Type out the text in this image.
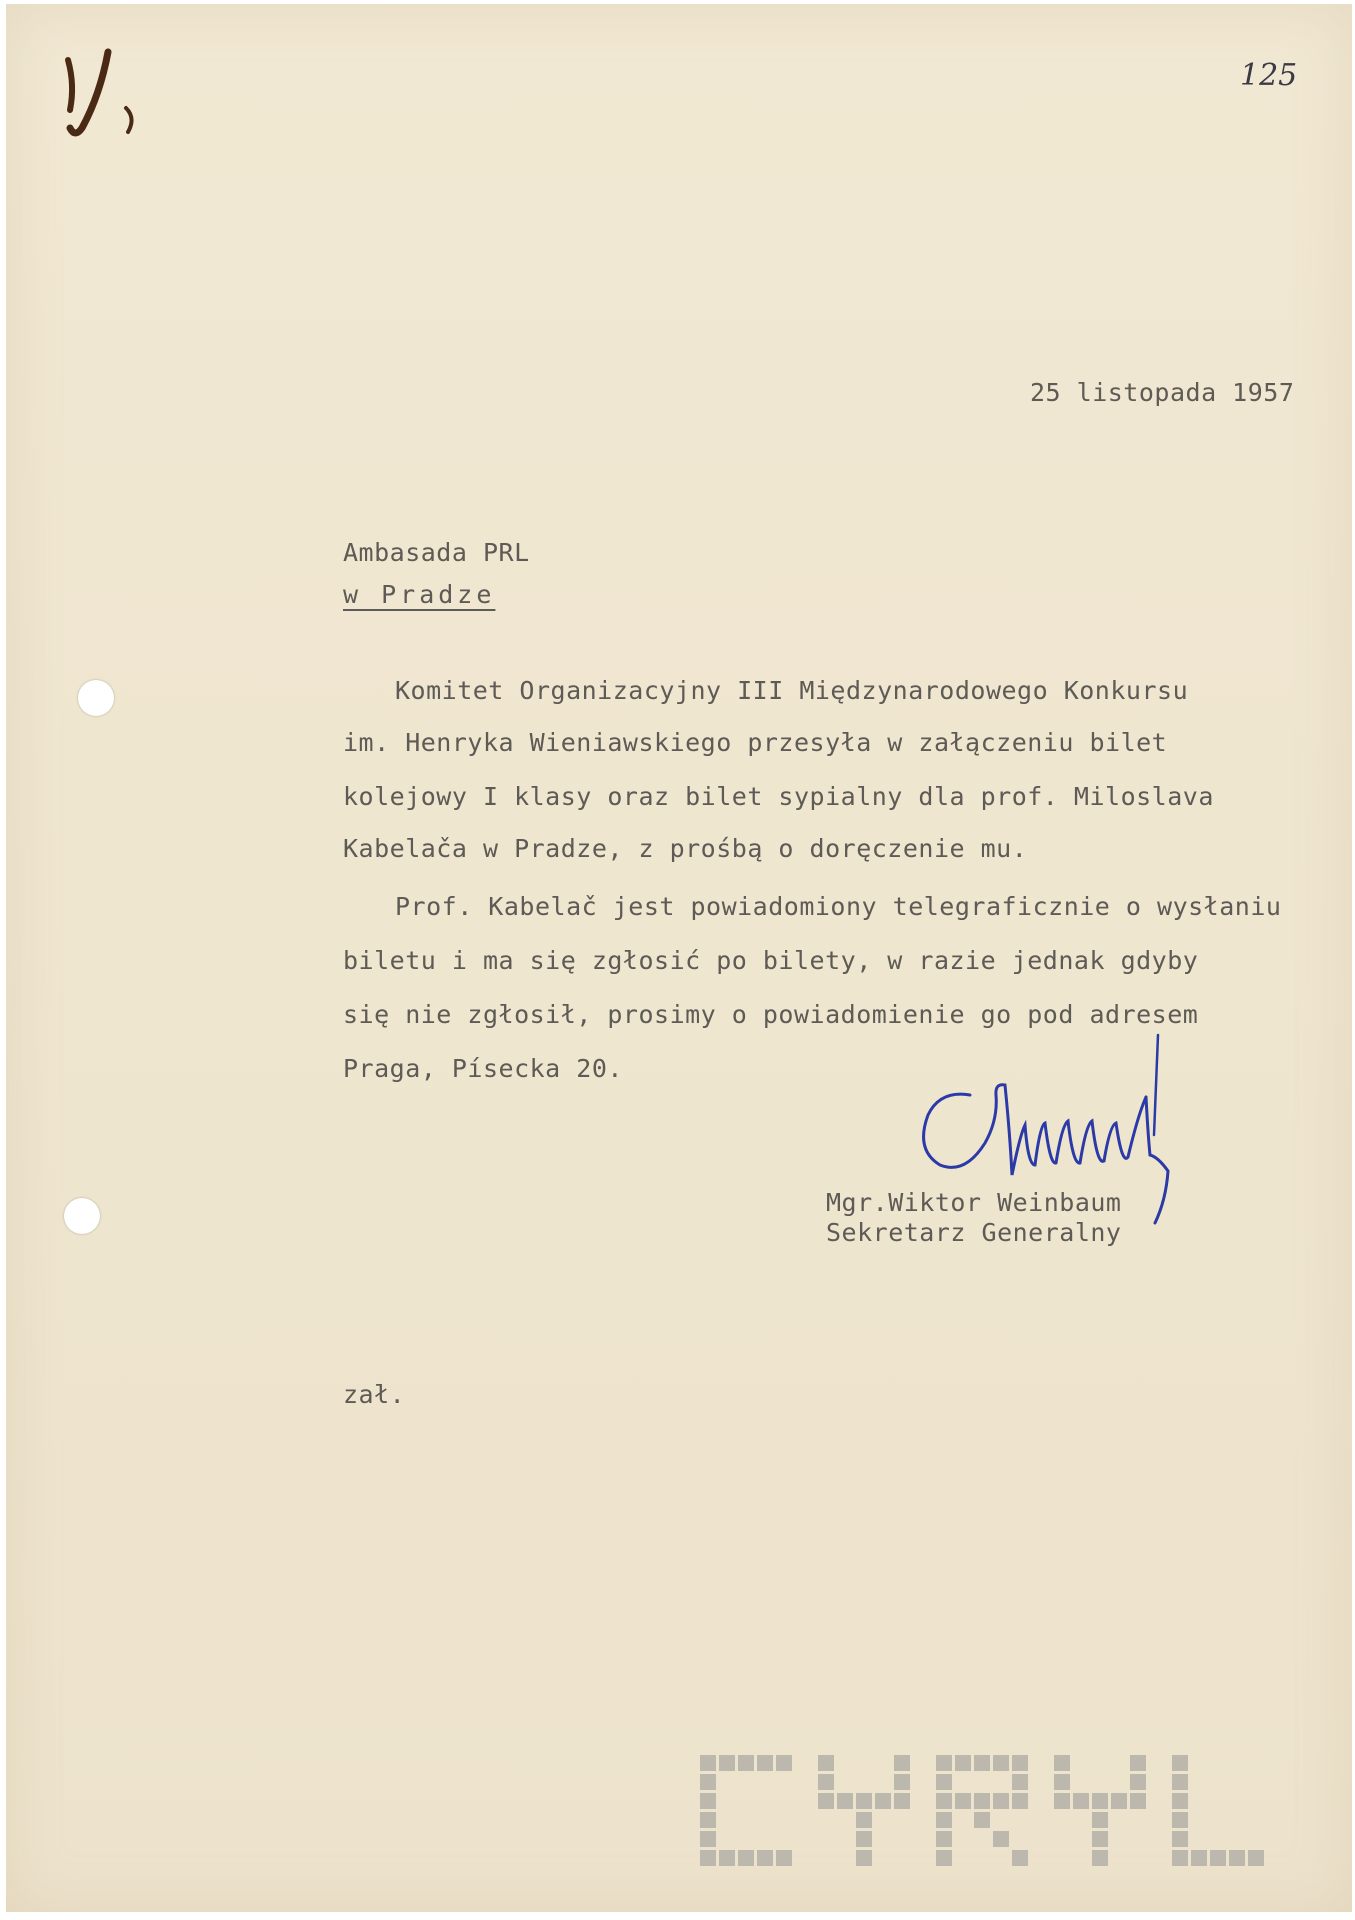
125
25 listopada 1957
Ambasada PRL
w Pradze
Komitet Organizacyjny III Międzynarodowego Konkursu
im. Henryka Wieniawskiego przesyła w załączeniu bilet
kolejowy I klasy oraz bilet sypialny dla prof. Miloslava
Kabelača w Pradze, z prośbą o doręczenie mu.
Prof. Kabelač jest powiadomiony telegraficznie o wysłaniu
biletu i ma się zgłosić po bilety, w razie jednak gdyby
się nie zgłosił, prosimy o powiadomienie go pod adresem
Praga, Písecka 20.
Mgr.Wiktor Weinbaum
Sekretarz Generalny
zał.
